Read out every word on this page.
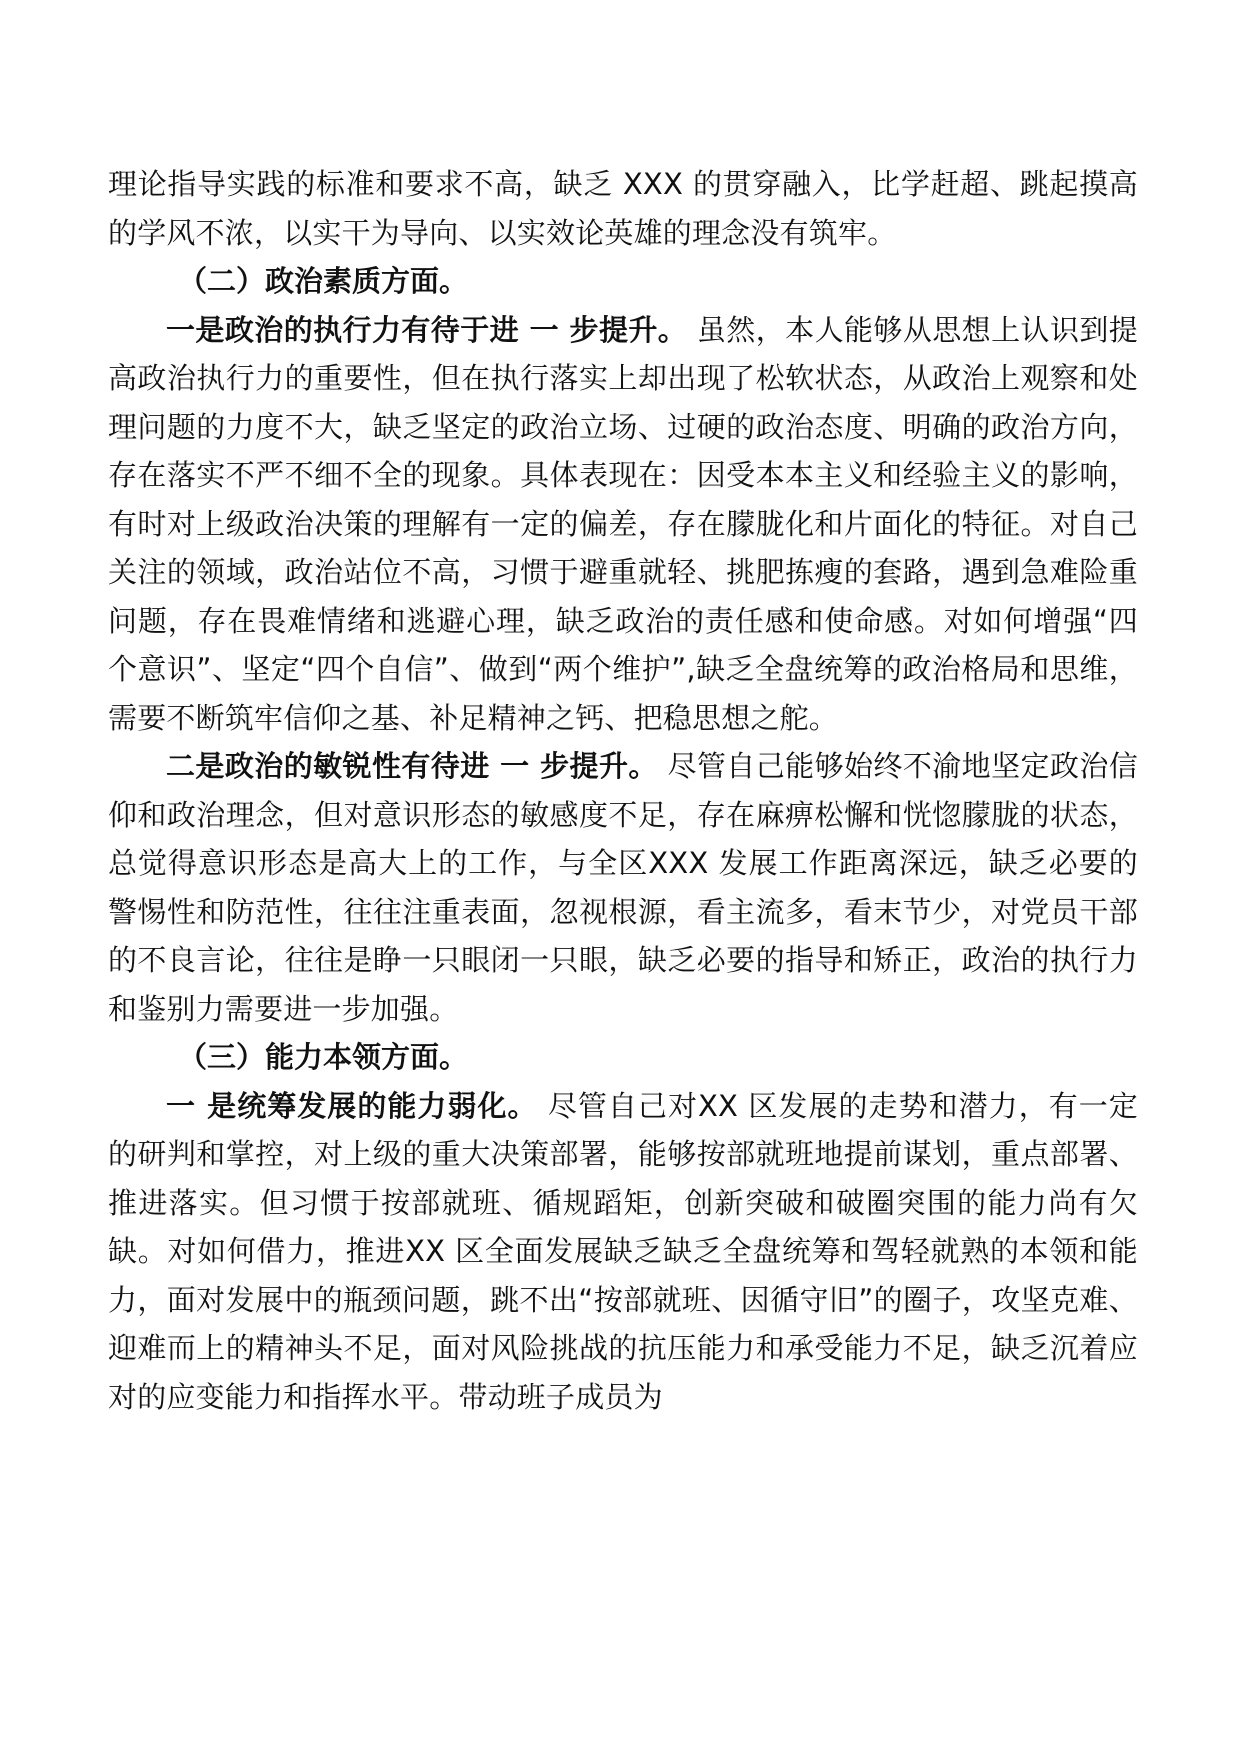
理论指导实践的标准和要求不高，缺乏 XXX 的贯穿融入，比学赶超、跳起摸高的学风不浓，以实干为导向、以实效论英雄的理念没有筑牢。

（二）政治素质方面。

一是政治的执行力有待于进 一 步提升。 虽然，本人能够从思想上认识到提高政治执行力的重要性，但在执行落实上却出现了松软状态，从政治上观察和处理问题的力度不大，缺乏坚定的政治立场、过硬的政治态度、明确的政治方向，存在落实不严不细不全的现象。具体表现在：因受本本主义和经验主义的影响，有时对上级政治决策的理解有一定的偏差，存在朦胧化和片面化的特征。对自己关注的领域，政治站位不高，习惯于避重就轻、挑肥拣瘦的套路，遇到急难险重问题，存在畏难情绪和逃避心理，缺乏政治的责任感和使命感。对如何增强“四个意识”、坚定“四个自信”、做到“两个维护”,缺乏全盘统筹的政治格局和思维，需要不断筑牢信仰之基、补足精神之钙、把稳思想之舵。

二是政治的敏锐性有待进 一 步提升。 尽管自己能够始终不渝地坚定政治信仰和政治理念，但对意识形态的敏感度不足，存在麻痹松懈和恍惚朦胧的状态，总觉得意识形态是高大上的工作，与全区XXX 发展工作距离深远，缺乏必要的警惕性和防范性，往往注重表面，忽视根源，看主流多，看末节少，对党员干部的不良言论，往往是睁一只眼闭一只眼，缺乏必要的指导和矫正，政治的执行力和鉴别力需要进一步加强。

（三）能力本领方面。

一 是统筹发展的能力弱化。 尽管自己对XX 区发展的走势和潜力，有一定的研判和掌控，对上级的重大决策部署，能够按部就班地提前谋划，重点部署、推进落实。但习惯于按部就班、循规蹈矩，创新突破和破圈突围的能力尚有欠缺。对如何借力，推进XX 区全面发展缺乏缺乏全盘统筹和驾轻就熟的本领和能力，面对发展中的瓶颈问题，跳不出“按部就班、因循守旧”的圈子，攻坚克难、迎难而上的精神头不足，面对风险挑战的抗压能力和承受能力不足，缺乏沉着应对的应变能力和指挥水平。带动班子成员为
